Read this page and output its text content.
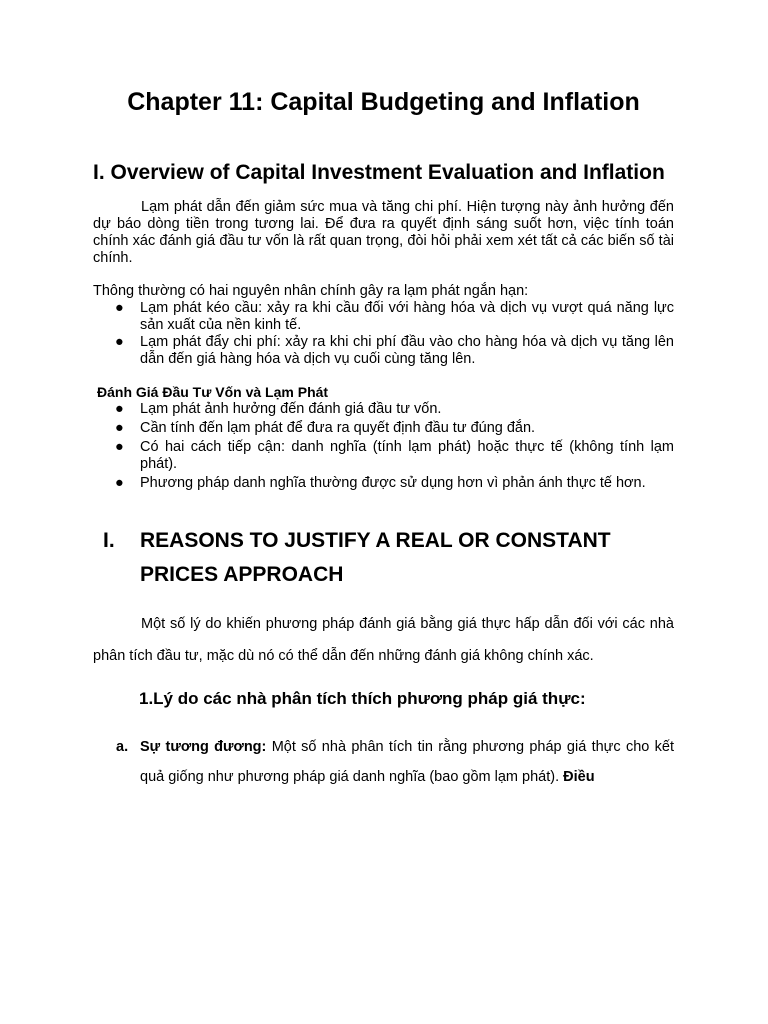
Chapter 11: Capital Budgeting and Inflation
I. Overview of Capital Investment Evaluation and Inflation

Lạm phát dẫn đến giảm sức mua và tăng chi phí. Hiện tượng này ảnh hưởng đến dự báo dòng tiền trong tương lai. Để đưa ra quyết định sáng suốt hơn, việc tính toán chính xác đánh giá đầu tư vốn là rất quan trọng, đòi hỏi phải xem xét tất cả các biến số tài chính.

Thông thường có hai nguyên nhân chính gây ra lạm phát ngắn hạn:

● Lạm phát kéo cầu: xảy ra khi cầu đối với hàng hóa và dịch vụ vượt quá năng lực sản xuất của nền kinh tế.
● Lạm phát đẩy chi phí: xảy ra khi chi phí đầu vào cho hàng hóa và dịch vụ tăng lên dẫn đến giá hàng hóa và dịch vụ cuối cùng tăng lên.
Đánh Giá Đầu Tư Vốn và Lạm Phát
● Lạm phát ảnh hưởng đến đánh giá đầu tư vốn.
● Cần tính đến lạm phát để đưa ra quyết định đầu tư đúng đắn.
● Có hai cách tiếp cận: danh nghĩa (tính lạm phát) hoặc thực tế (không tính lạm phát).
● Phương pháp danh nghĩa thường được sử dụng hơn vì phản ánh thực tế hơn.
I. REASONS TO JUSTIFY A REAL OR CONSTANT
PRICES APPROACH

Một số lý do khiến phương pháp đánh giá bằng giá thực hấp dẫn đối với các nhà phân tích đầu tư, mặc dù nó có thể dẫn đến những đánh giá không chính xác.

1.Lý do các nhà phân tích thích phương pháp giá thực:
a. Sự tương đương: Một số nhà phân tích tin rằng phương pháp giá thực cho kết quả giống như phương pháp giá danh nghĩa (bao gồm lạm phát). Điều
